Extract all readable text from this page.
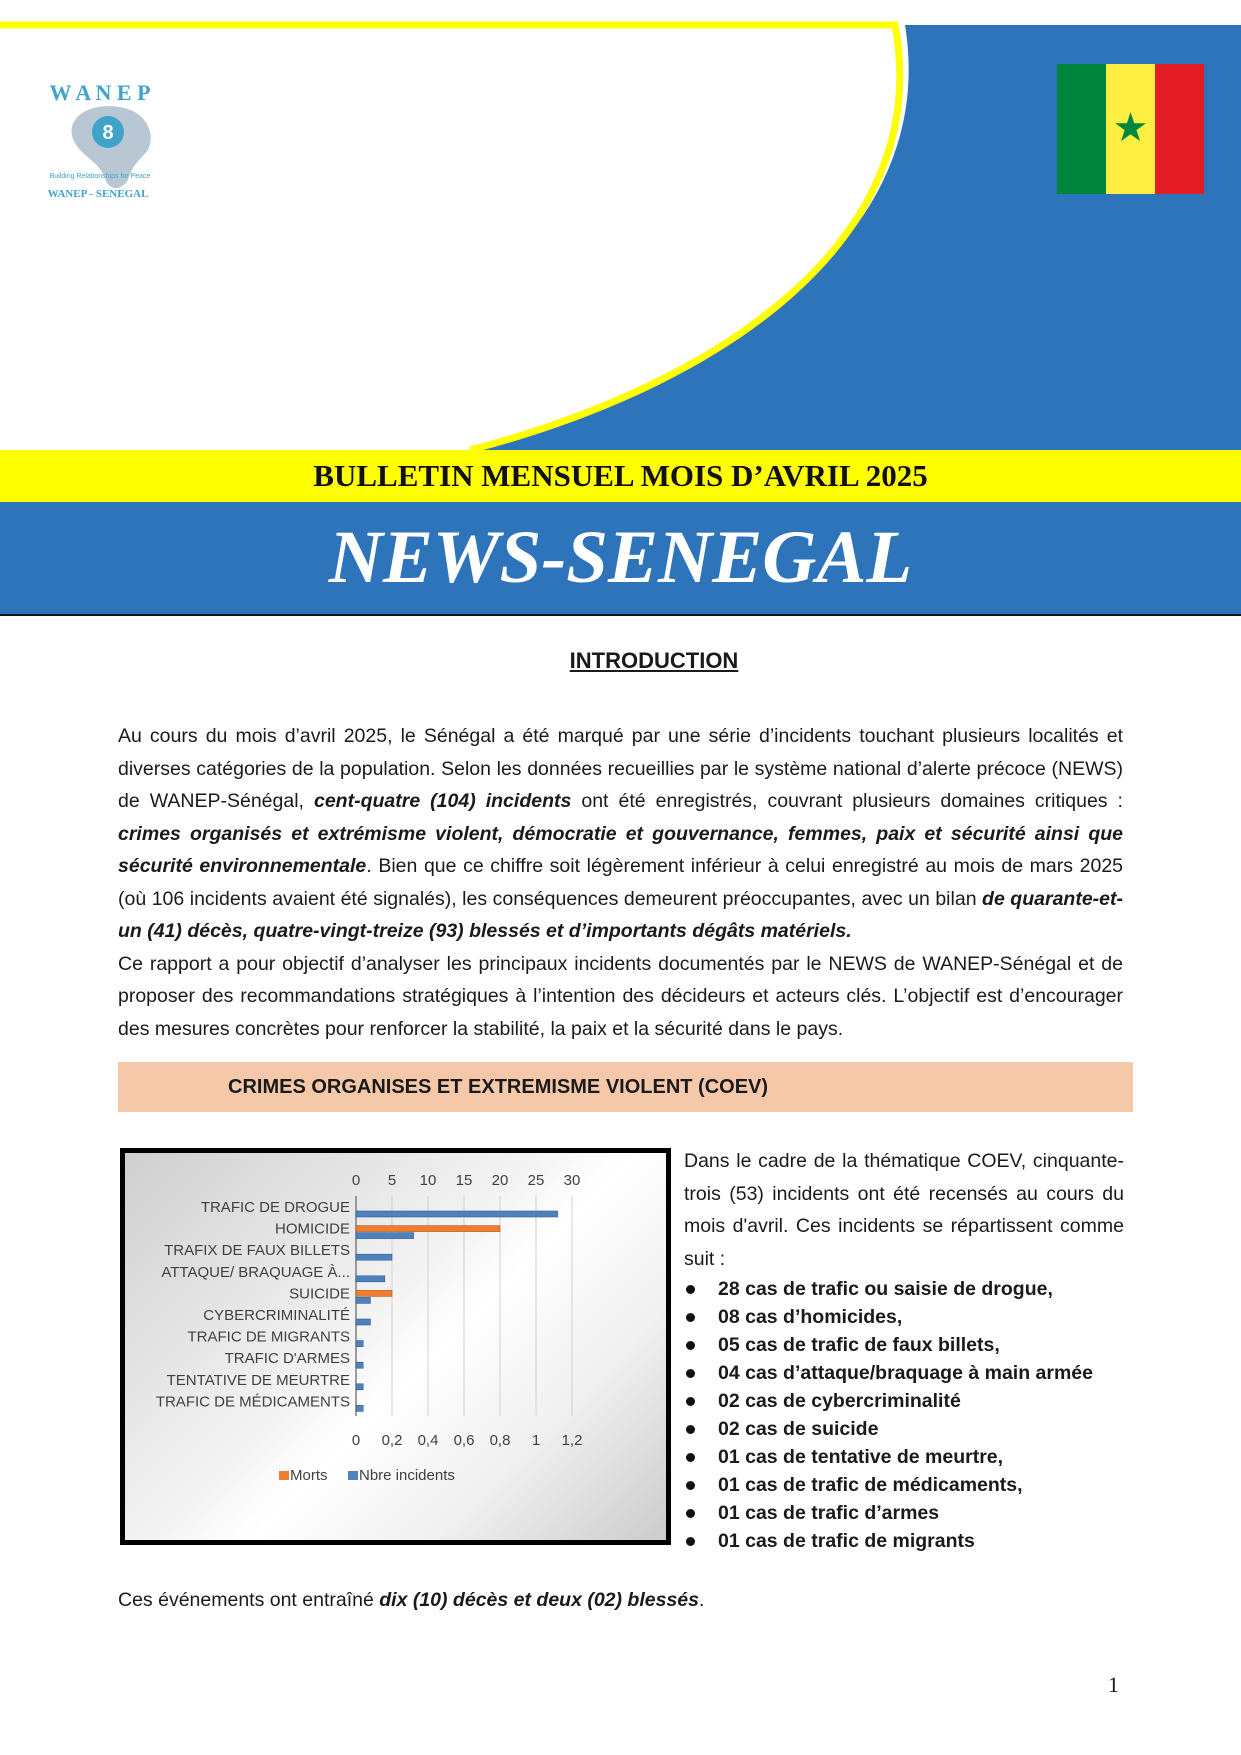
8
W A N E P
Building Relationships for Peace
WANEP - SENEGAL
★
BULLETIN MENSUEL MOIS D’AVRIL 2025
NEWS-SENEGAL
INTRODUCTION

Au cours du mois d’avril 2025, le Sénégal a été marqué par une série d’incidents touchant plusieurs localités et diverses catégories de la population. Selon les données recueillies par le système national d’alerte précoce (NEWS) de WANEP-Sénégal, cent-quatre (104) incidents ont été enregistrés, couvrant plusieurs domaines critiques : crimes organisés et extrémisme violent, démocratie et gouvernance, femmes, paix et sécurité ainsi que sécurité environnementale. Bien que ce chiffre soit légèrement inférieur à celui enregistré au mois de mars 2025 (où 106 incidents avaient été signalés), les conséquences demeurent préoccupantes, avec un bilan de quarante-et-un (41) décès, quatre-vingt-treize (93) blessés et d’importants dégâts matériels.

Ce rapport a pour objectif d’analyser les principaux incidents documentés par le NEWS de WANEP-Sénégal et de proposer des recommandations stratégiques à l’intention des décideurs et acteurs clés. L’objectif est d’encourager des mesures concrètes pour renforcer la stabilité, la paix et la sécurité dans le pays.

CRIMES ORGANISES ET EXTREMISME VIOLENT (COEV)
0
0
5
0,2
10
0,4
15
0,6
20
0,8
25
1
30
1,2
TRAFIC DE DROGUE
HOMICIDE
TRAFIX DE FAUX BILLETS
ATTAQUE/ BRAQUAGE À...
SUICIDE
CYBERCRIMINALITÉ
TRAFIC DE MIGRANTS
TRAFIC D'ARMES
TENTATIVE DE MEURTRE
TRAFIC DE MÉDICAMENTS
Morts Nbre incidents

Dans le cadre de la thématique COEV, cinquante-trois (53) incidents ont été recensés au cours du mois d'avril. Ces incidents se répartissent comme suit :

28 cas de trafic ou saisie de drogue,
08 cas d’homicides,
05 cas de trafic de faux billets,
04 cas d’attaque/braquage à main armée
02 cas de cybercriminalité
02 cas de suicide
01 cas de tentative de meurtre,
01 cas de trafic de médicaments,
01 cas de trafic d’armes
01 cas de trafic de migrants
Ces événements ont entraîné dix (10) décès et deux (02) blessés.
1
